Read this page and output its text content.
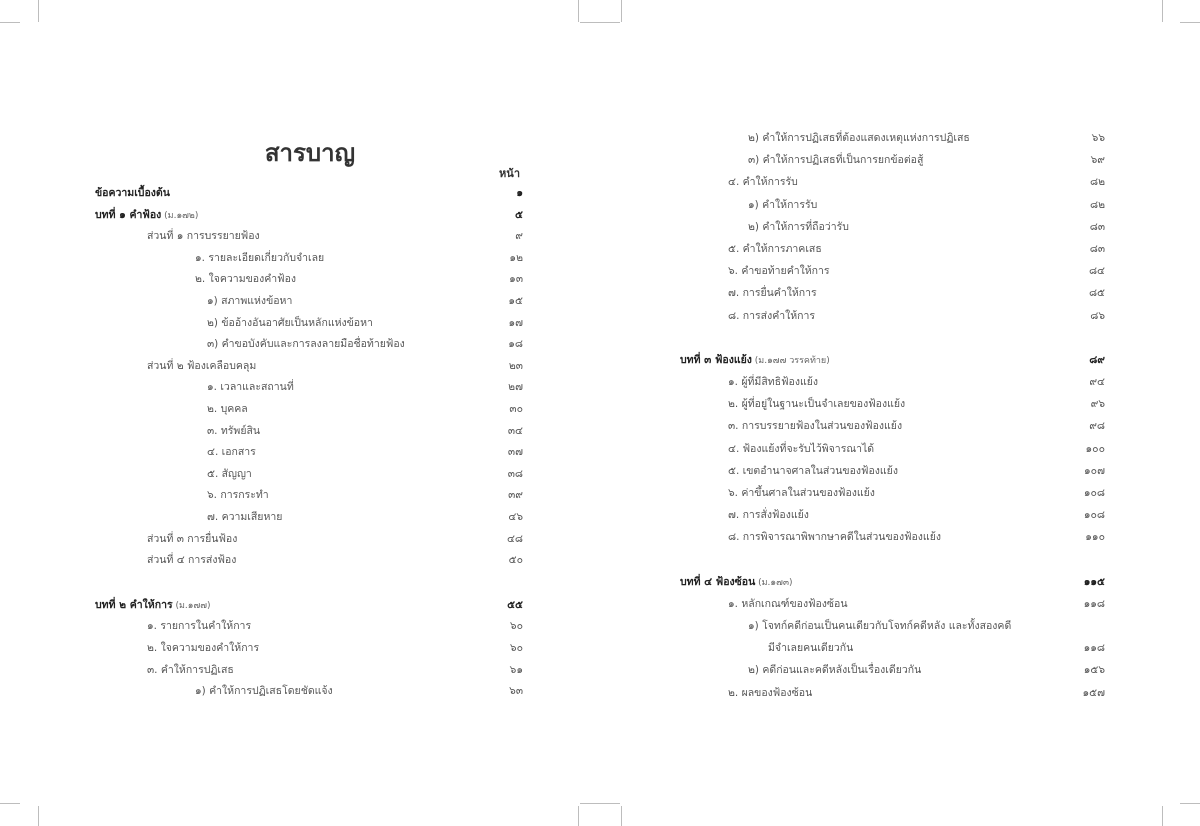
สารบาญ
หน้า
ข้อความเบื้องต้น	๑
บทที่ ๑ คำฟ้อง (ม.๑๗๒)	๕
ส่วนที่ ๑ การบรรยายฟ้อง	๙
๑. รายละเอียดเกี่ยวกับจำเลย	๑๒
๒. ใจความของคำฟ้อง	๑๓
๑) สภาพแห่งข้อหา	๑๕
๒) ข้ออ้างอันอาศัยเป็นหลักแห่งข้อหา	๑๗
๓) คำขอบังคับและการลงลายมือชื่อท้ายฟ้อง	๑๘
ส่วนที่ ๒ ฟ้องเคลือบคลุม	๒๓
๑. เวลาและสถานที่	๒๗
๒. บุคคล	๓๐
๓. ทรัพย์สิน	๓๔
๔. เอกสาร	๓๗
๕. สัญญา	๓๘
๖. การกระทำ	๓๙
๗. ความเสียหาย	๔๖
ส่วนที่ ๓ การยื่นฟ้อง	๔๘
ส่วนที่ ๔ การส่งฟ้อง	๕๐
บทที่ ๒ คำให้การ (ม.๑๗๗)	๕๕
๑. รายการในคำให้การ	๖๐
๒. ใจความของคำให้การ	๖๐
๓. คำให้การปฏิเสธ	๖๑
๑) คำให้การปฏิเสธโดยชัดแจ้ง	๖๓
๒) คำให้การปฏิเสธที่ต้องแสดงเหตุแห่งการปฏิเสธ	๖๖
๓) คำให้การปฏิเสธที่เป็นการยกข้อต่อสู้	๖๙
๔. คำให้การรับ	๘๒
๑) คำให้การรับ	๘๒
๒) คำให้การที่ถือว่ารับ	๘๓
๕. คำให้การภาคเสธ	๘๓
๖. คำขอท้ายคำให้การ	๘๔
๗. การยื่นคำให้การ	๘๕
๘. การส่งคำให้การ	๘๖
บทที่ ๓ ฟ้องแย้ง (ม.๑๗๗ วรรคท้าย)	๘๙
๑. ผู้ที่มีสิทธิฟ้องแย้ง	๙๔
๒. ผู้ที่อยู่ในฐานะเป็นจำเลยของฟ้องแย้ง	๙๖
๓. การบรรยายฟ้องในส่วนของฟ้องแย้ง	๙๘
๔. ฟ้องแย้งที่จะรับไว้พิจารณาได้	๑๐๐
๕. เขตอำนาจศาลในส่วนของฟ้องแย้ง	๑๐๗
๖. ค่าขึ้นศาลในส่วนของฟ้องแย้ง	๑๐๘
๗. การสั่งฟ้องแย้ง	๑๐๘
๘. การพิจารณาพิพากษาคดีในส่วนของฟ้องแย้ง	๑๑๐
บทที่ ๔ ฟ้องซ้อน (ม.๑๗๓)	๑๑๕
๑. หลักเกณฑ์ของฟ้องซ้อน	๑๑๘
๑) โจทก์คดีก่อนเป็นคนเดียวกับโจทก์คดีหลัง และทั้งสองคดี
มีจำเลยคนเดียวกัน	๑๑๘
๒) คดีก่อนและคดีหลังเป็นเรื่องเดียวกัน	๑๕๖
๒. ผลของฟ้องซ้อน	๑๕๗
